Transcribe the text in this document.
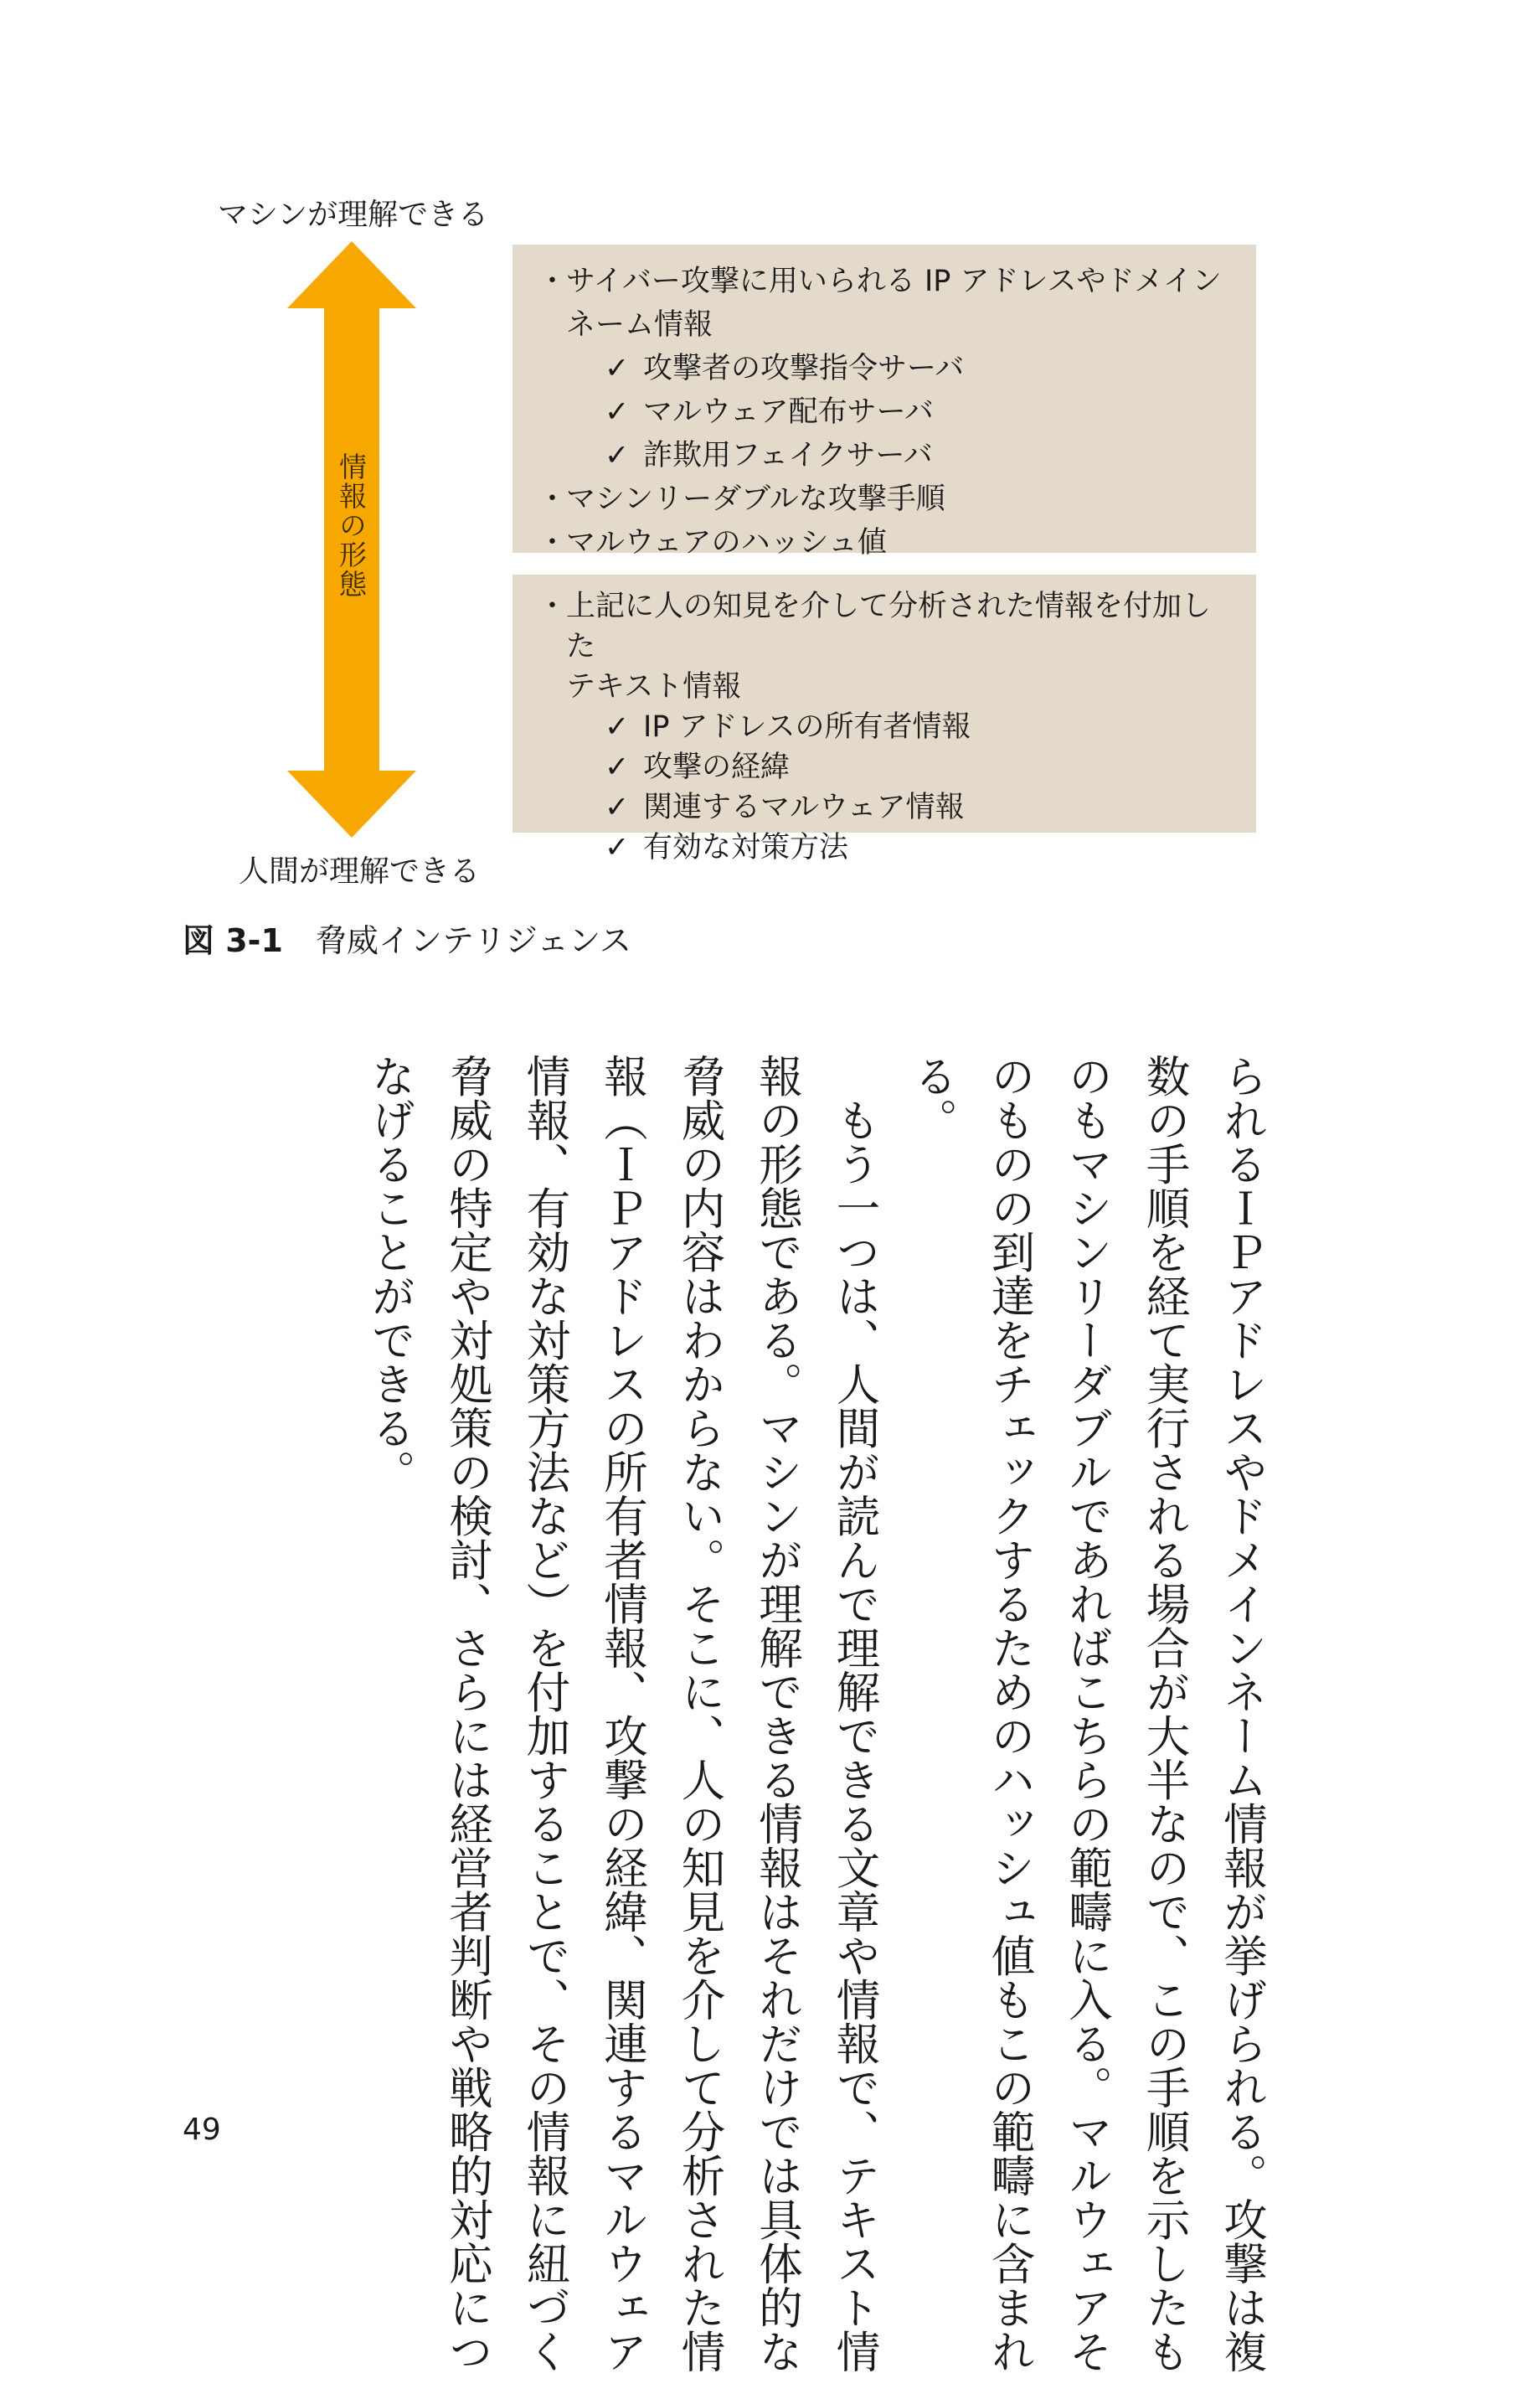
マシンが理解できる
情報の形態
・
サイバー攻撃に用いられる IP アドレスやドメイン
ネーム情報
✓ 攻撃者の攻撃指令サーバ
✓ マルウェア配布サーバ
✓ 詐欺用フェイクサーバ
・
マシンリーダブルな攻撃手順
・
マルウェアのハッシュ値
・
上記に人の知見を介して分析された情報を付加した
テキスト情報
✓ IP アドレスの所有者情報
✓ 攻撃の経緯
✓ 関連するマルウェア情報
✓ 有効な対策方法
人間が理解できる
図 3-1 脅威インテリジェンス

られるＩＰアドレスやドメインネーム情報が挙げられる。攻撃は複数の手順を経て実行される場合が大半なので、この手順を示したものもマシンリーダブルであればこちらの範疇に入る。マルウェアそのものの到達をチェックするためのハッシュ値もこの範疇に含まれる。

　もう一つは、人間が読んで理解できる文章や情報で、テキスト情報の形態である。マシンが理解できる情報はそれだけでは具体的な脅威の内容はわからない。そこに、人の知見を介して分析された情報（ＩＰアドレスの所有者情報、攻撃の経緯、関連するマルウェア情報、有効な対策方法など）を付加することで、その情報に紐づく脅威の特定や対処策の検討、さらには経営者判断や戦略的対応につなげることができる。

49
